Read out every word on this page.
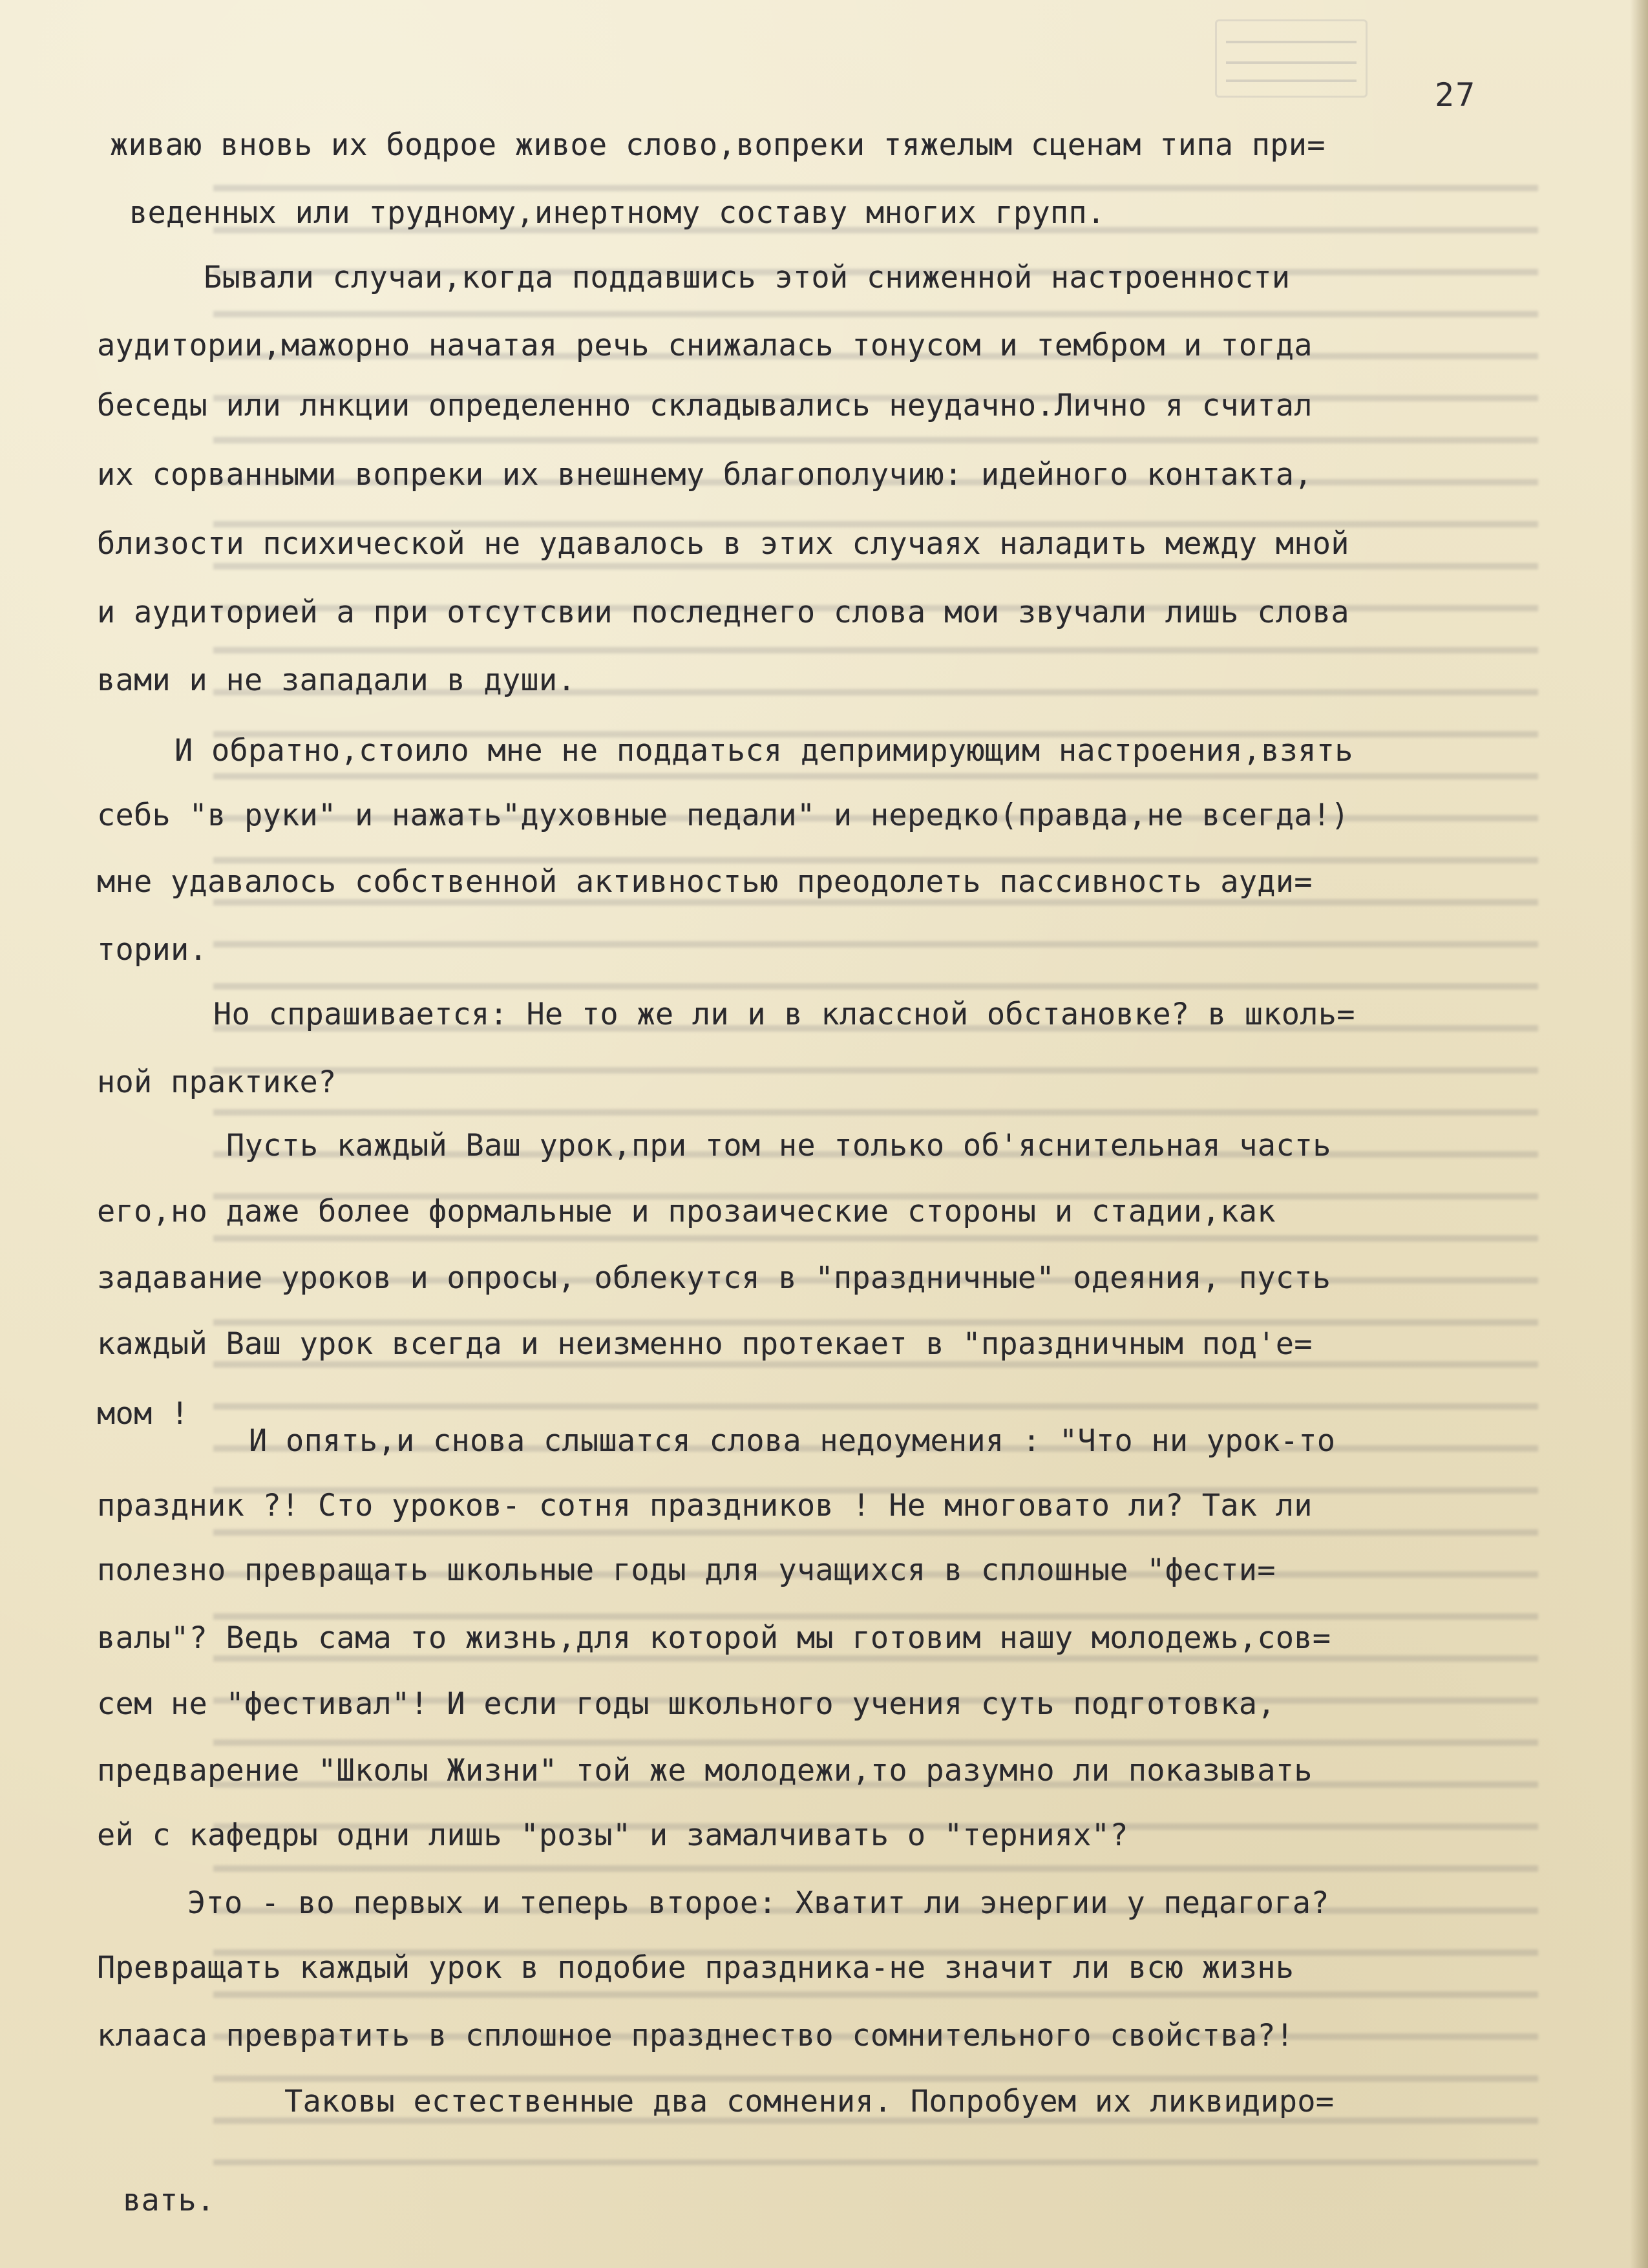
27
живаю вновь их бодрое живое слово,вопреки тяжелым сценам типа при=
веденных или трудному,инертному составу многих групп.
Бывали случаи,когда поддавшись этой сниженной настроенности
аудитории,мажорно начатая речь снижалась тонусом и тембром и тогда
беседы или лнкции определенно складывались неудачно.Лично я считал
их сорванными вопреки их внешнему благополучию: идейного контакта,
близости психической не удавалось в этих случаях наладить между мной
и аудиторией а при отсутсвии последнего слова мои звучали лишь слова
вами и не западали в души.
И обратно,стоило мне не поддаться депримирующим настроения,взять
себь "в руки" и нажать"духовные педали" и нередко(правда,не всегда!)
мне удавалось собственной активностью преодолеть пассивность ауди=
тории.
Но спрашивается: Не то же ли и в классной обстановке? в школь=
ной практике?
Пусть каждый Ваш урок,при том не только об'яснительная часть
его,но даже более формальные и прозаические стороны и стадии,как
задавание уроков и опросы, облекутся в "праздничные" одеяния, пусть
каждый Ваш урок всегда и неизменно протекает в "праздничным под'е=
мом !
И опять,и снова слышатся слова недоумения : "Что ни урок-то
праздник ?! Сто уроков- сотня праздников ! Не многовато ли? Так ли
полезно превращать школьные годы для учащихся в сплошные "фести=
валы"? Ведь сама то жизнь,для которой мы готовим нашу молодежь,сов=
сем не "фестивал"! И если годы школьного учения суть подготовка,
предварение "Школы Жизни" той же молодежи,то разумно ли показывать
ей с кафедры одни лишь "розы" и замалчивать о "терниях"?
Это - во первых и теперь второе: Хватит ли энергии у педагога?
Превращать каждый урок в подобие праздника-не значит ли всю жизнь
клааса превратить в сплошное празднество сомнительного свойства?!
Таковы естественные два сомнения. Попробуем их ликвидиро=
вать.
